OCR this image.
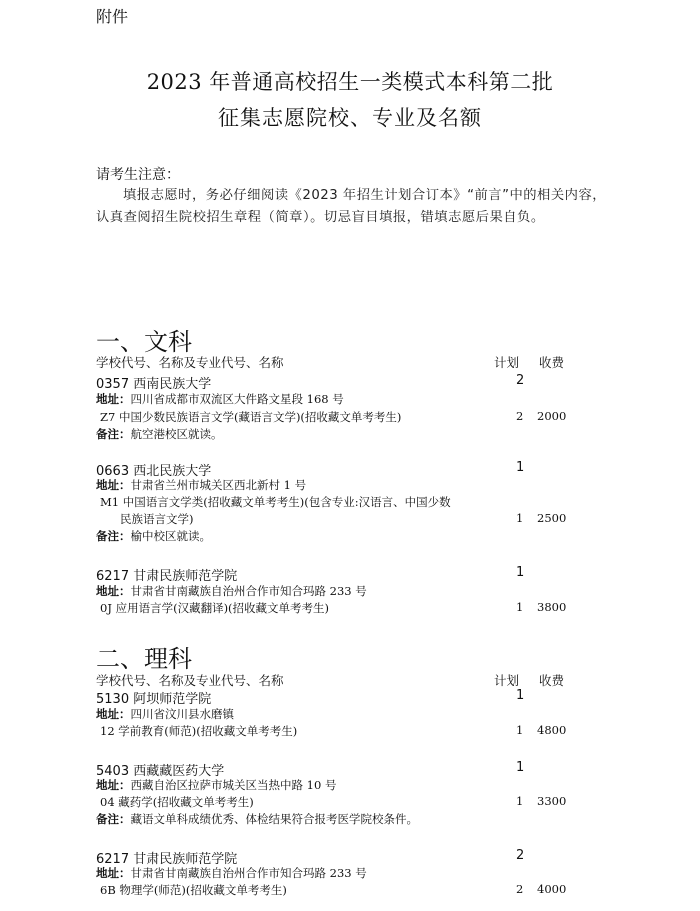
附件
2023 年普通高校招生一类模式本科第二批
征集志愿院校、专业及名额
请考生注意：
填报志愿时，务必仔细阅读《2023 年招生计划合订本》“前言”中的相关内容，认真查阅招生院校招生章程（简章）。切忌盲目填报，错填志愿后果自负。
一、文科
学校代号、名称及专业代号、名称	计划 收费
0357 西南民族大学	2
地址：四川省成都市双流区大件路文星段 168 号
Z7 中国少数民族语言文学(藏语言文学)(招收藏文单考考生)	2 2000
备注：航空港校区就读。
0663 西北民族大学	1
地址：甘肃省兰州市城关区西北新村 1 号
M1 中国语言文学类(招收藏文单考考生)(包含专业:汉语言、中国少数
民族语言文学)	1 2500
备注：榆中校区就读。
6217 甘肃民族师范学院	1
地址：甘肃省甘南藏族自治州合作市知合玛路 233 号
0J 应用语言学(汉藏翻译)(招收藏文单考考生)	1 3800
二、理科
学校代号、名称及专业代号、名称	计划 收费
5130 阿坝师范学院	1
地址：四川省汶川县水磨镇
12 学前教育(师范)(招收藏文单考考生)	1 4800
5403 西藏藏医药大学	1
地址：西藏自治区拉萨市城关区当热中路 10 号
04 藏药学(招收藏文单考考生)	1 3300
备注：藏语文单科成绩优秀、体检结果符合报考医学院校条件。
6217 甘肃民族师范学院	2
地址：甘肃省甘南藏族自治州合作市知合玛路 233 号
6B 物理学(师范)(招收藏文单考考生)	2 4000
